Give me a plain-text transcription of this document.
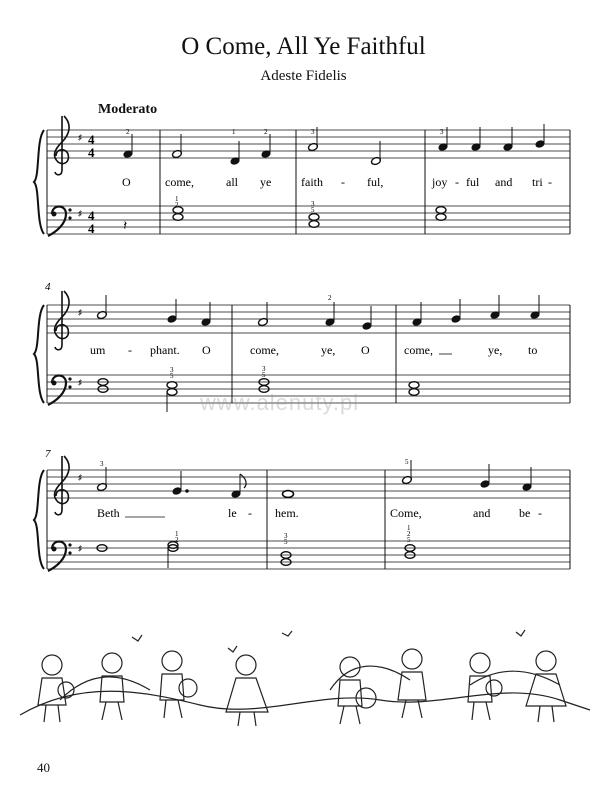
O Come, All Ye Faithful
Adeste Fidelis
Moderato
♯
♯
4
4
4
4
2	1	2	3	3
1
2	3
5
𝄽
O	come,	all ye faith - ful,	joy - ful and tri -
4
♯
♯
2
3
5
3
5
um - phant. O	come,	ye, O	come,	ye, to
7
♯
♯
3	5
1
2	3
5
1
2
5
Beth	le - hem.	Come,	and be -
www.alenuty.pl
40
